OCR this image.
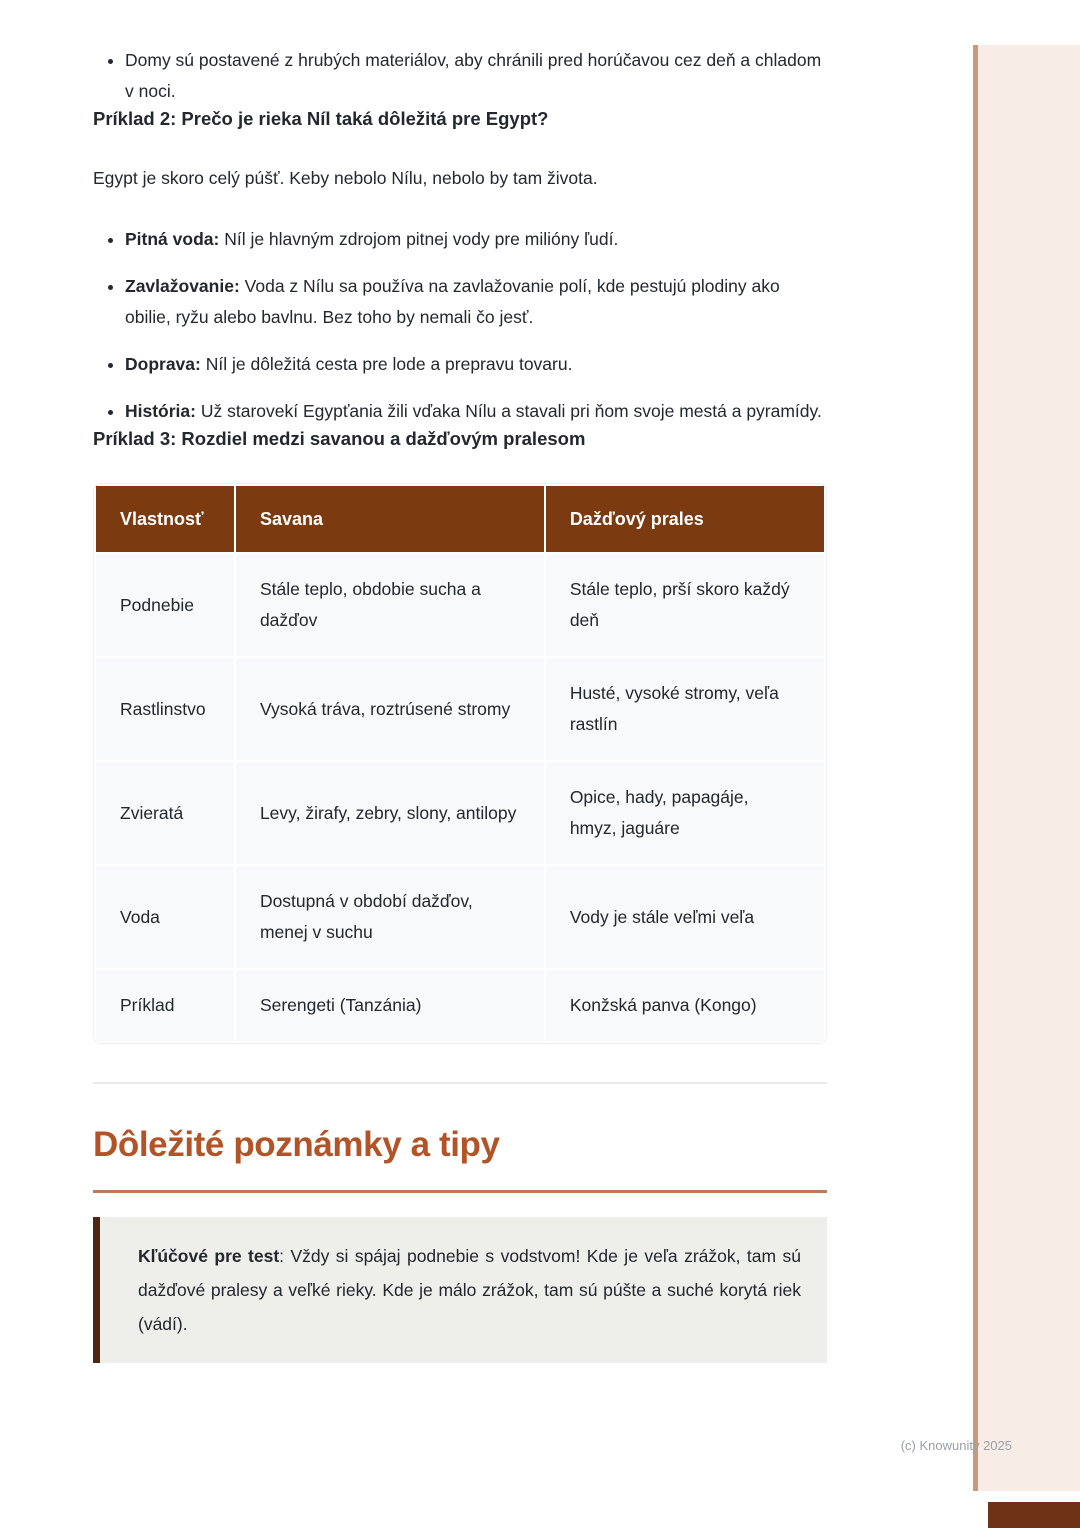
• Domy sú postavené z hrubých materiálov, aby chránili pred horúčavou cez deň a chladom v noci.
Príklad 2: Prečo je rieka Níl taká dôležitá pre Egypt?

Egypt je skoro celý púšť. Keby nebolo Nílu, nebolo by tam života.

• Pitná voda: Níl je hlavným zdrojom pitnej vody pre milióny ľudí.
• Zavlažovanie: Voda z Nílu sa používa na zavlažovanie polí, kde pestujú plodiny ako obilie, ryžu alebo bavlnu. Bez toho by nemali čo jesť.
• Doprava: Níl je dôležitá cesta pre lode a prepravu tovaru.
• História: Už starovekí Egypťania žili vďaka Nílu a stavali pri ňom svoje mestá a pyramídy.
Príklad 3: Rozdiel medzi savanou a dažďovým pralesom
Vlastnosť	Savana	Dažďový prales
Podnebie	Stále teplo, obdobie sucha a dažďov	Stále teplo, prší skoro každý deň
Rastlinstvo	Vysoká tráva, roztrúsené stromy	Husté, vysoké stromy, veľa rastlín
Zvieratá	Levy, žirafy, zebry, slony, antilopy	Opice, hady, papagáje, hmyz, jaguáre
Voda	Dostupná v období dažďov, menej v suchu	Vody je stále veľmi veľa
Príklad	Serengeti (Tanzánia)	Konžská panva (Kongo)
Dôležité poznámky a tipy

Kľúčové pre test: Vždy si spájaj podnebie s vodstvom! Kde je veľa zrážok, tam sú dažďové pralesy a veľké rieky. Kde je málo zrážok, tam sú púšte a suché korytá riek (vádí).

(c) Knowunity 2025
